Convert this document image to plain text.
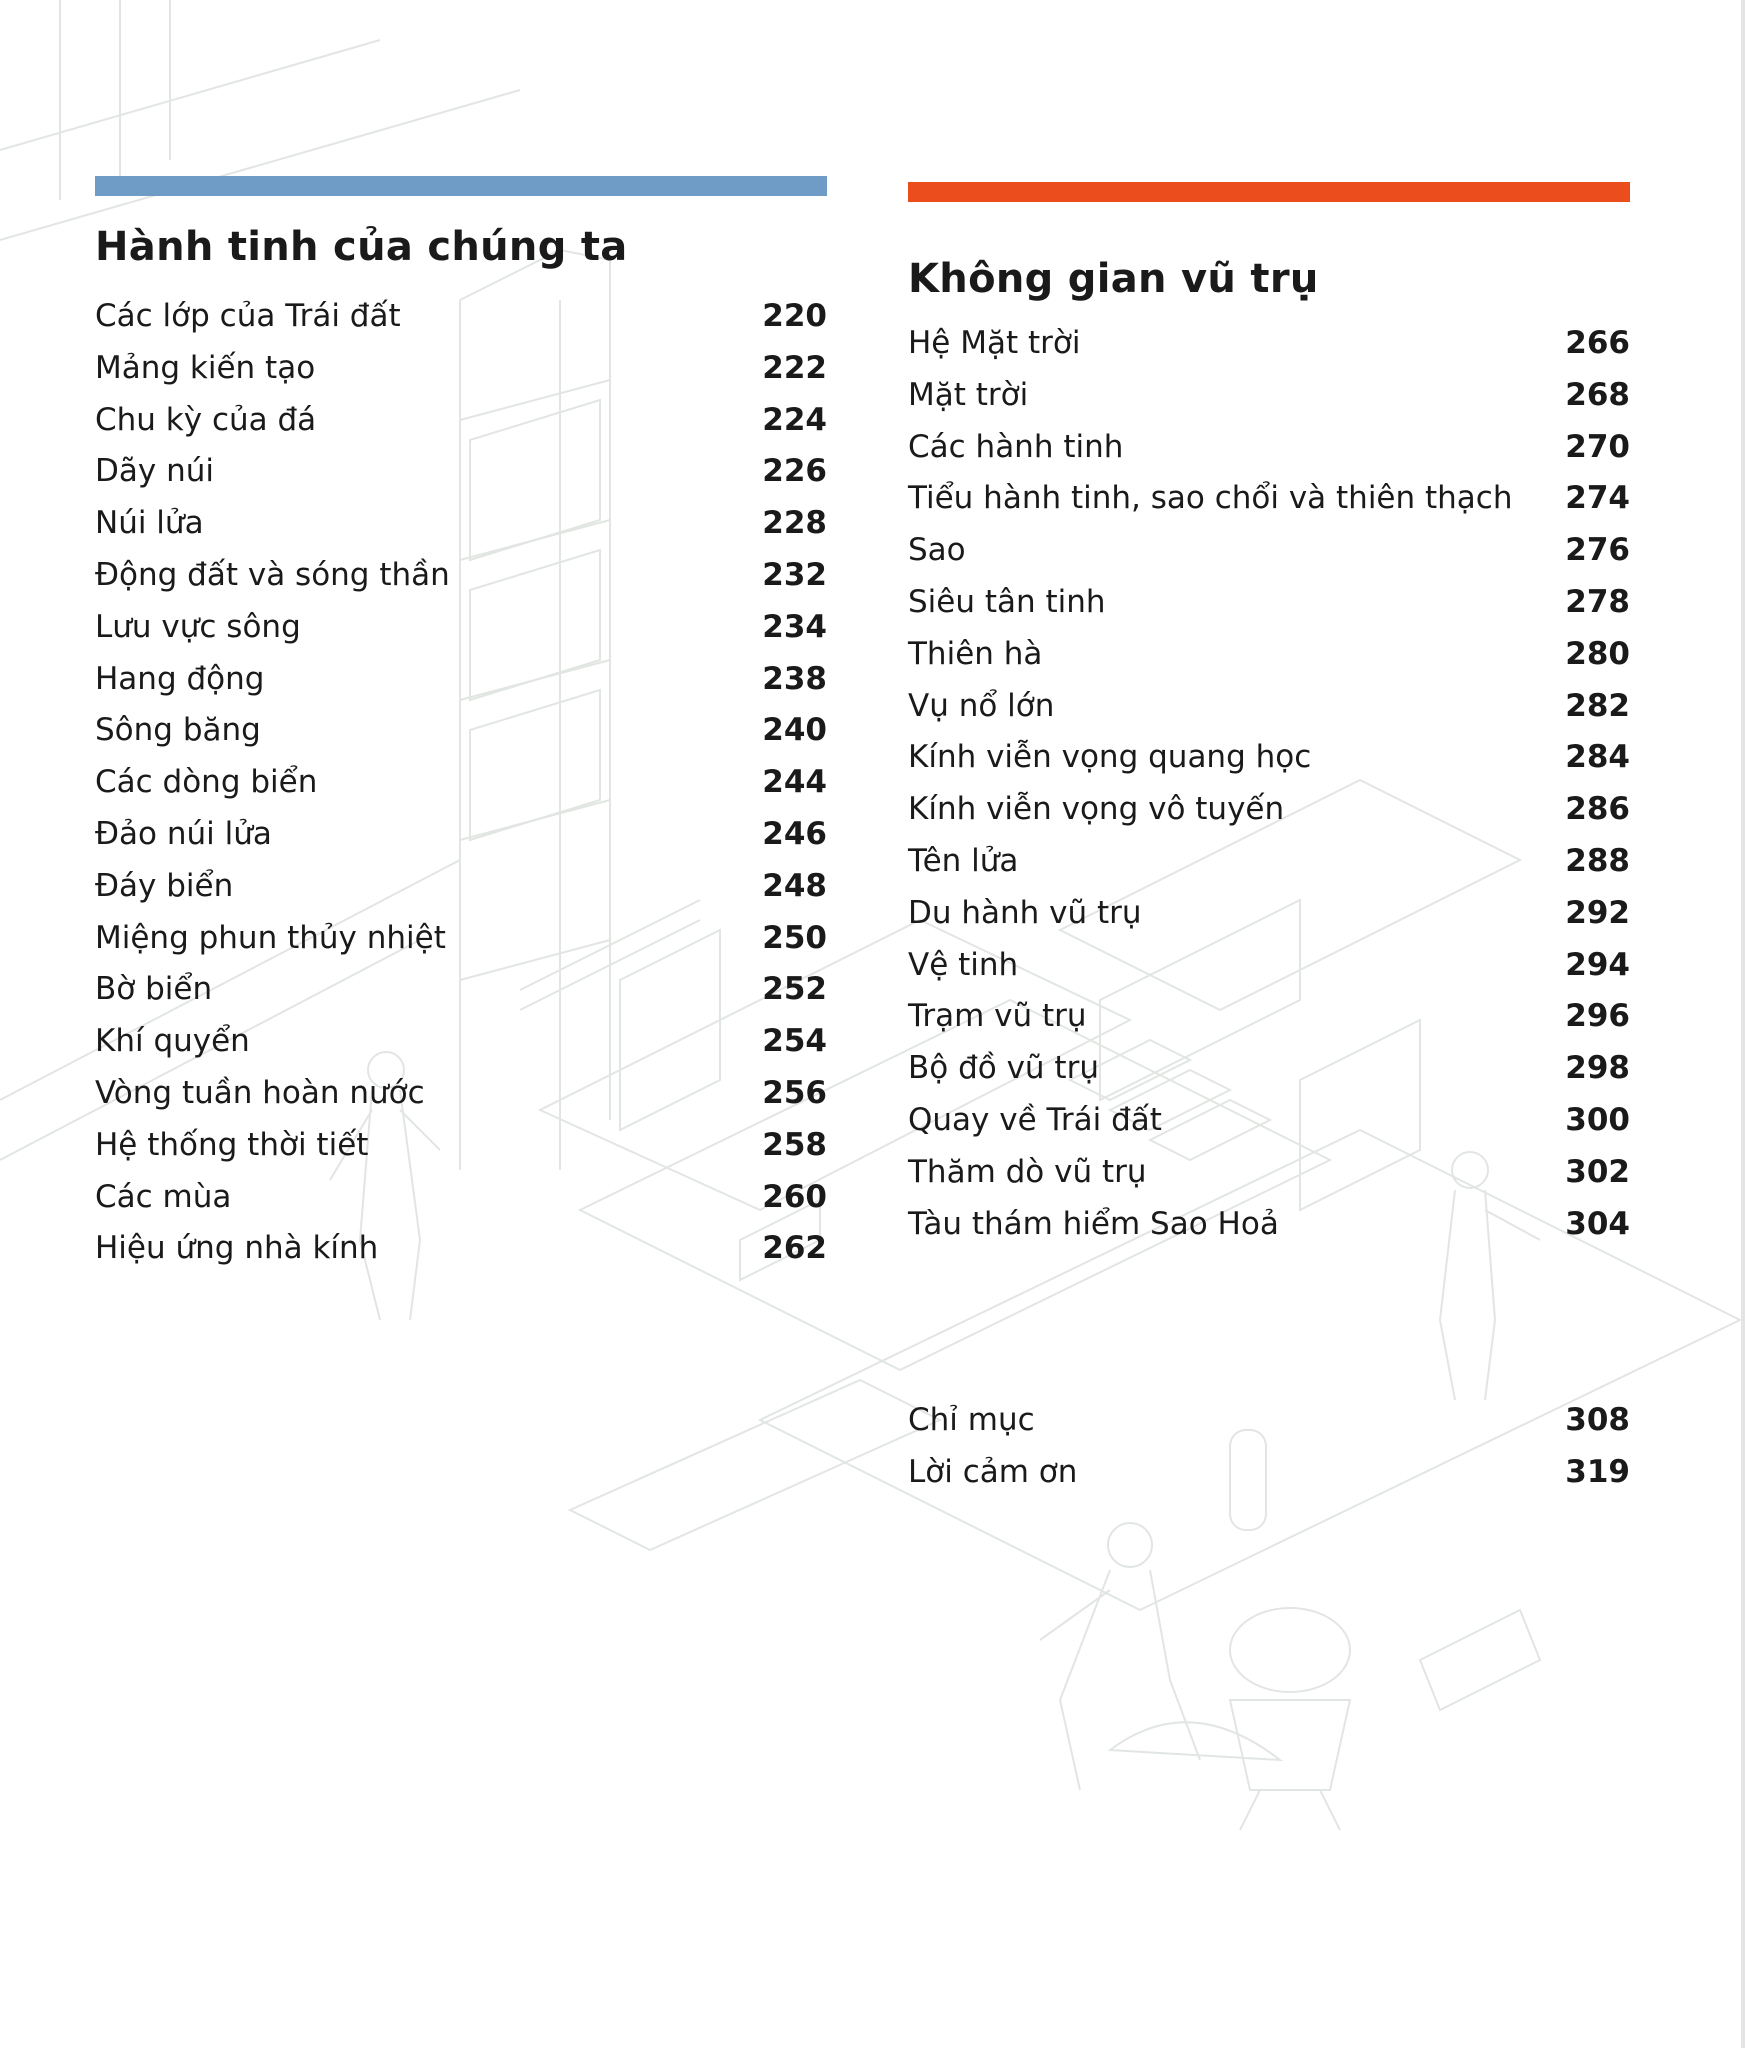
Hành tinh của chúng ta
Các lớp của Trái đất	220
Mảng kiến tạo	222
Chu kỳ của đá	224
Dãy núi	226
Núi lửa	228
Động đất và sóng thần	232
Lưu vực sông	234
Hang động	238
Sông băng	240
Các dòng biển	244
Đảo núi lửa	246
Đáy biển	248
Miệng phun thủy nhiệt	250
Bờ biển	252
Khí quyển	254
Vòng tuần hoàn nước	256
Hệ thống thời tiết	258
Các mùa	260
Hiệu ứng nhà kính	262
Không gian vũ trụ
Hệ Mặt trời	266
Mặt trời	268
Các hành tinh	270
Tiểu hành tinh, sao chổi và thiên thạch 274
Sao	276
Siêu tân tinh	278
Thiên hà	280
Vụ nổ lớn	282
Kính viễn vọng quang học	284
Kính viễn vọng vô tuyến	286
Tên lửa	288
Du hành vũ trụ	292
Vệ tinh	294
Trạm vũ trụ	296
Bộ đồ vũ trụ	298
Quay về Trái đất	300
Thăm dò vũ trụ	302
Tàu thám hiểm Sao Hoả	304
Chỉ mục	308
Lời cảm ơn	319
